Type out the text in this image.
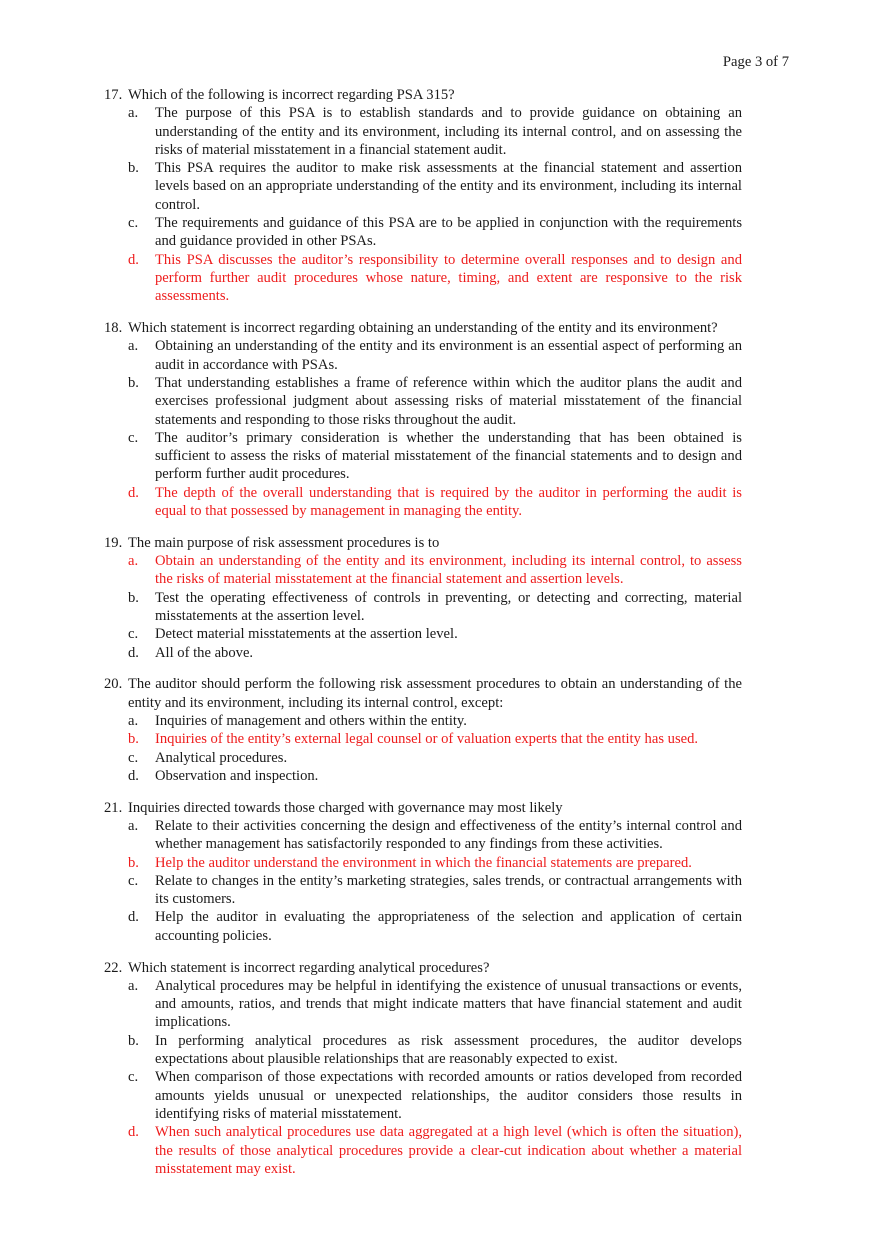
Page 3 of 7
17. Which of the following is incorrect regarding PSA 315?
a. The purpose of this PSA is to establish standards and to provide guidance on obtaining an understanding of the entity and its environment, including its internal control, and on assessing the risks of material misstatement in a financial statement audit.
b. This PSA requires the auditor to make risk assessments at the financial statement and assertion levels based on an appropriate understanding of the entity and its environment, including its internal control.
c. The requirements and guidance of this PSA are to be applied in conjunction with the requirements and guidance provided in other PSAs.
d. This PSA discusses the auditor’s responsibility to determine overall responses and to design and perform further audit procedures whose nature, timing, and extent are responsive to the risk assessments.
18. Which statement is incorrect regarding obtaining an understanding of the entity and its environment?
a. Obtaining an understanding of the entity and its environment is an essential aspect of performing an audit in accordance with PSAs.
b. That understanding establishes a frame of reference within which the auditor plans the audit and exercises professional judgment about assessing risks of material misstatement of the financial statements and responding to those risks throughout the audit.
c. The auditor’s primary consideration is whether the understanding that has been obtained is sufficient to assess the risks of material misstatement of the financial statements and to design and perform further audit procedures.
d. The depth of the overall understanding that is required by the auditor in performing the audit is equal to that possessed by management in managing the entity.
19. The main purpose of risk assessment procedures is to
a. Obtain an understanding of the entity and its environment, including its internal control, to assess the risks of material misstatement at the financial statement and assertion levels.
b. Test the operating effectiveness of controls in preventing, or detecting and correcting, material misstatements at the assertion level.
c. Detect material misstatements at the assertion level.
d. All of the above.
20. The auditor should perform the following risk assessment procedures to obtain an understanding of the entity and its environment, including its internal control, except:
a. Inquiries of management and others within the entity.
b. Inquiries of the entity’s external legal counsel or of valuation experts that the entity has used.
c. Analytical procedures.
d. Observation and inspection.
21. Inquiries directed towards those charged with governance may most likely
a. Relate to their activities concerning the design and effectiveness of the entity’s internal control and whether management has satisfactorily responded to any findings from these activities.
b. Help the auditor understand the environment in which the financial statements are prepared.
c. Relate to changes in the entity’s marketing strategies, sales trends, or contractual arrangements with its customers.
d. Help the auditor in evaluating the appropriateness of the selection and application of certain accounting policies.
22. Which statement is incorrect regarding analytical procedures?
a. Analytical procedures may be helpful in identifying the existence of unusual transactions or events, and amounts, ratios, and trends that might indicate matters that have financial statement and audit implications.
b. In performing analytical procedures as risk assessment procedures, the auditor develops expectations about plausible relationships that are reasonably expected to exist.
c. When comparison of those expectations with recorded amounts or ratios developed from recorded amounts yields unusual or unexpected relationships, the auditor considers those results in identifying risks of material misstatement.
d. When such analytical procedures use data aggregated at a high level (which is often the situation), the results of those analytical procedures provide a clear-cut indication about whether a material misstatement may exist.
